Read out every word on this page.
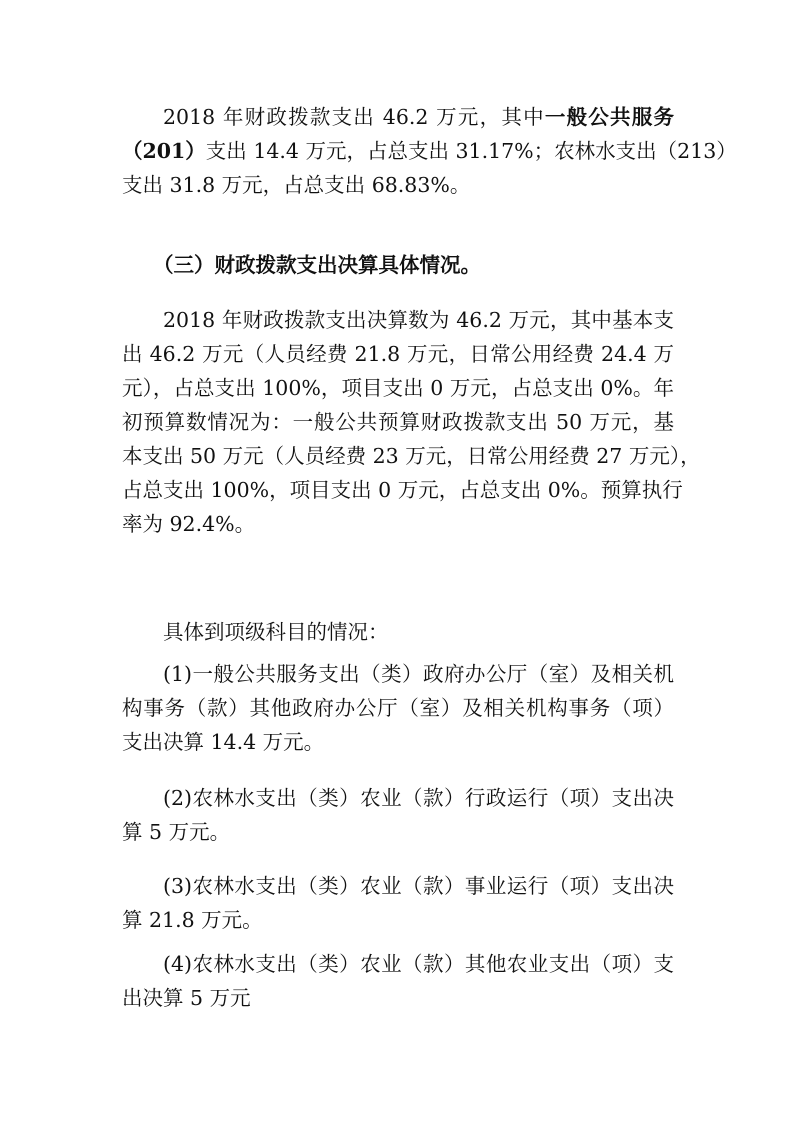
2018 年财政拨款支出 46.2 万元，其中一般公共服务
（201）支出 14.4 万元，占总支出 31.17%；农林水支出（213）
支出 31.8 万元，占总支出 68.83%。
（三）财政拨款支出决算具体情况。
2018 年财政拨款支出决算数为 46.2 万元，其中基本支
出 46.2 万元（人员经费 21.8 万元，日常公用经费 24.4 万
元），占总支出 100%，项目支出 0 万元，占总支出 0%。年
初预算数情况为：一般公共预算财政拨款支出 50 万元，基
本支出 50 万元（人员经费 23 万元，日常公用经费 27 万元），
占总支出 100%，项目支出 0 万元，占总支出 0%。预算执行
率为 92.4%。
具体到项级科目的情况：
(1)一般公共服务支出（类）政府办公厅（室）及相关机
构事务（款）其他政府办公厅（室）及相关机构事务（项）
支出决算 14.4 万元。
(2)农林水支出（类）农业（款）行政运行（项）支出决
算 5 万元。
(3)农林水支出（类）农业（款）事业运行（项）支出决
算 21.8 万元。
(4)农林水支出（类）农业（款）其他农业支出（项）支
出决算 5 万元
